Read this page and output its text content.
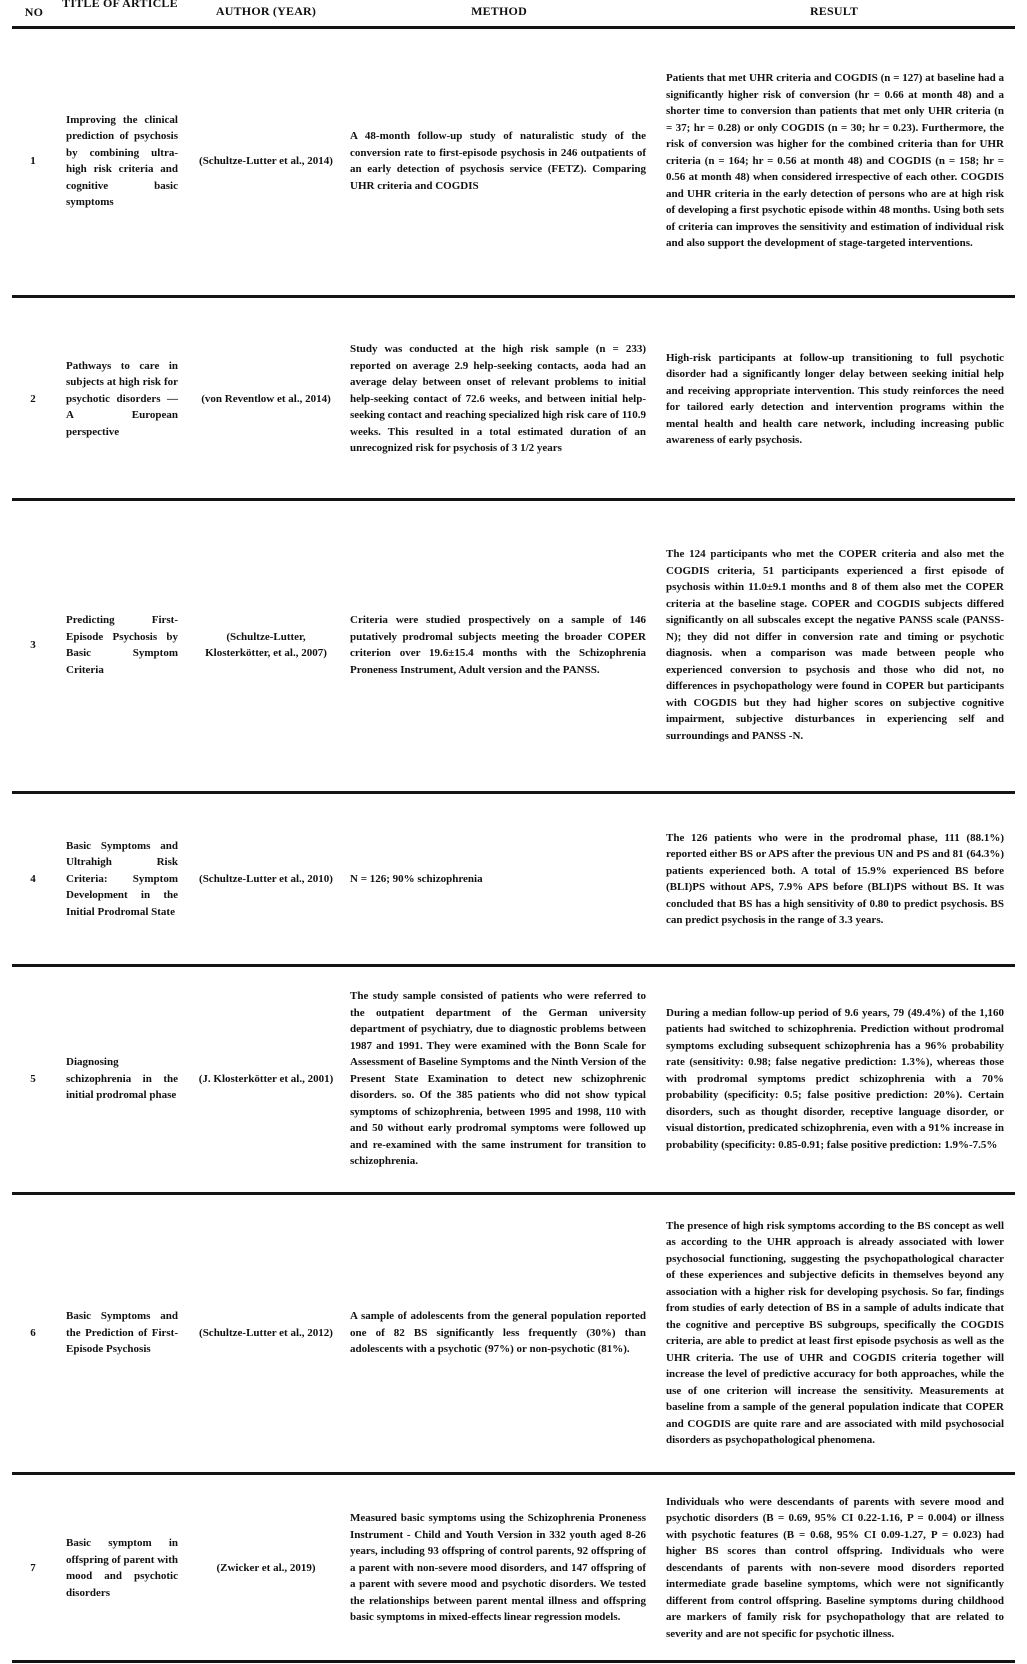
NO
TITLE OF ARTICLE
AUTHOR (YEAR)	METHOD	RESULT
1
Improving the clinical prediction of psychosis by combining ultra-high risk criteria and cognitive basic symptoms
(Schultze-Lutter et al., 2014)
A 48-month follow-up study of naturalistic study of the conversion rate to first-episode psychosis in 246 outpatients of an early detection of psychosis service (FETZ). Comparing UHR criteria and COGDIS
Patients that met UHR criteria and COGDIS (n = 127) at baseline had a significantly higher risk of conversion (hr = 0.66 at month 48) and a shorter time to conversion than patients that met only UHR criteria (n = 37; hr = 0.28) or only COGDIS (n = 30; hr = 0.23). Furthermore, the risk of conversion was higher for the combined criteria than for UHR criteria (n = 164; hr = 0.56 at month 48) and COGDIS (n = 158; hr = 0.56 at month 48) when considered irrespective of each other. COGDIS and UHR criteria in the early detection of persons who are at high risk of developing a first psychotic episode within 48 months. Using both sets of criteria can improves the sensitivity and estimation of individual risk and also support the development of stage-targeted interventions.
2
Pathways to care in subjects at high risk for psychotic disorders — A European perspective
(von Reventlow et al., 2014)
Study was conducted at the high risk sample (n = 233) reported on average 2.9 help-seeking contacts, aoda had an average delay between onset of relevant problems to initial help-seeking contact of 72.6 weeks, and between initial help- seeking contact and reaching specialized high risk care of 110.9 weeks. This resulted in a total estimated duration of an unrecognized risk for psychosis of 3 1/2 years
High-risk participants at follow-up transitioning to full psychotic disorder had a significantly longer delay between seeking initial help and receiving appropriate intervention. This study reinforces the need for tailored early detection and intervention programs within the mental health and health care network, including increasing public awareness of early psychosis.
3
Predicting First-Episode Psychosis by Basic Symptom Criteria
(Schultze-Lutter, Klosterkötter, et al., 2007)
Criteria were studied prospectively on a sample of 146 putatively prodromal subjects meeting the broader COPER criterion over 19.6±15.4 months with the Schizophrenia Proneness Instrument, Adult version and the PANSS.
The 124 participants who met the COPER criteria and also met the COGDIS criteria, 51 participants experienced a first episode of psychosis within 11.0±9.1 months and 8 of them also met the COPER criteria at the baseline stage. COPER and COGDIS subjects differed significantly on all subscales except the negative PANSS scale (PANSS-N); they did not differ in conversion rate and timing or psychotic diagnosis. when a comparison was made between people who experienced conversion to psychosis and those who did not, no differences in psychopathology were found in COPER but participants with COGDIS but they had higher scores on subjective cognitive impairment, subjective disturbances in experiencing self and surroundings and PANSS -N.
4
Basic Symptoms and Ultrahigh Risk Criteria: Symptom Development in the Initial Prodromal State
(Schultze-Lutter et al., 2010) N = 126; 90% schizophrenia
The 126 patients who were in the prodromal phase, 111 (88.1%) reported either BS or APS after the previous UN and PS and 81 (64.3%) patients experienced both. A total of 15.9% experienced BS before (BLI)PS without APS, 7.9% APS before (BLI)PS without BS. It was concluded that BS has a high sensitivity of 0.80 to predict psychosis. BS can predict psychosis in the range of 3.3 years.
5
Diagnosing schizophrenia in the initial prodromal phase
(J. Klosterkötter et al., 2001)
The study sample consisted of patients who were referred to the outpatient department of the German university department of psychiatry, due to diagnostic problems between 1987 and 1991. They were examined with the Bonn Scale for Assessment of Baseline Symptoms and the Ninth Version of the Present State Examination to detect new schizophrenic disorders. so. Of the 385 patients who did not show typical symptoms of schizophrenia, between 1995 and 1998, 110 with and 50 without early prodromal symptoms were followed up and re-examined with the same instrument for transition to schizophrenia.
During a median follow-up period of 9.6 years, 79 (49.4%) of the 1,160 patients had switched to schizophrenia. Prediction without prodromal symptoms excluding subsequent schizophrenia has a 96% probability rate (sensitivity: 0.98; false negative prediction: 1.3%), whereas those with prodromal symptoms predict schizophrenia with a 70% probability (specificity: 0.5; false positive prediction: 20%). Certain disorders, such as thought disorder, receptive language disorder, or visual distortion, predicated schizophrenia, even with a 91% increase in probability (specificity: 0.85-0.91; false positive prediction: 1.9%-7.5%
6
Basic Symptoms and the Prediction of First-Episode Psychosis
(Schultze-Lutter et al., 2012)
A sample of adolescents from the general population reported one of 82 BS significantly less frequently (30%) than adolescents with a psychotic (97%) or non-psychotic (81%).
The presence of high risk symptoms according to the BS concept as well as according to the UHR approach is already associated with lower psychosocial functioning, suggesting the psychopathological character of these experiences and subjective deficits in themselves beyond any association with a higher risk for developing psychosis. So far, findings from studies of early detection of BS in a sample of adults indicate that the cognitive and perceptive BS subgroups, specifically the COGDIS criteria, are able to predict at least first episode psychosis as well as the UHR criteria. The use of UHR and COGDIS criteria together will increase the level of predictive accuracy for both approaches, while the use of one criterion will increase the sensitivity. Measurements at baseline from a sample of the general population indicate that COPER and COGDIS are quite rare and are associated with mild psychosocial disorders as psychopathological phenomena.
7
Basic symptom in offspring of parent with mood and psychotic disorders
(Zwicker et al., 2019)
Measured basic symptoms using the Schizophrenia Proneness Instrument - Child and Youth Version in 332 youth aged 8-26 years, including 93 offspring of control parents, 92 offspring of a parent with non-severe mood disorders, and 147 offspring of a parent with severe mood and psychotic disorders. We tested the relationships between parent mental illness and offspring basic symptoms in mixed-effects linear regression models.
Individuals who were descendants of parents with severe mood and psychotic disorders (B = 0.69, 95% CI 0.22-1.16, P = 0.004) or illness with psychotic features (B = 0.68, 95% CI 0.09-1.27, P = 0.023) had higher BS scores than control offspring. Individuals who were descendants of parents with non-severe mood disorders reported intermediate grade baseline symptoms, which were not significantly different from control offspring. Baseline symptoms during childhood are markers of family risk for psychopathology that are related to severity and are not specific for psychotic illness.
